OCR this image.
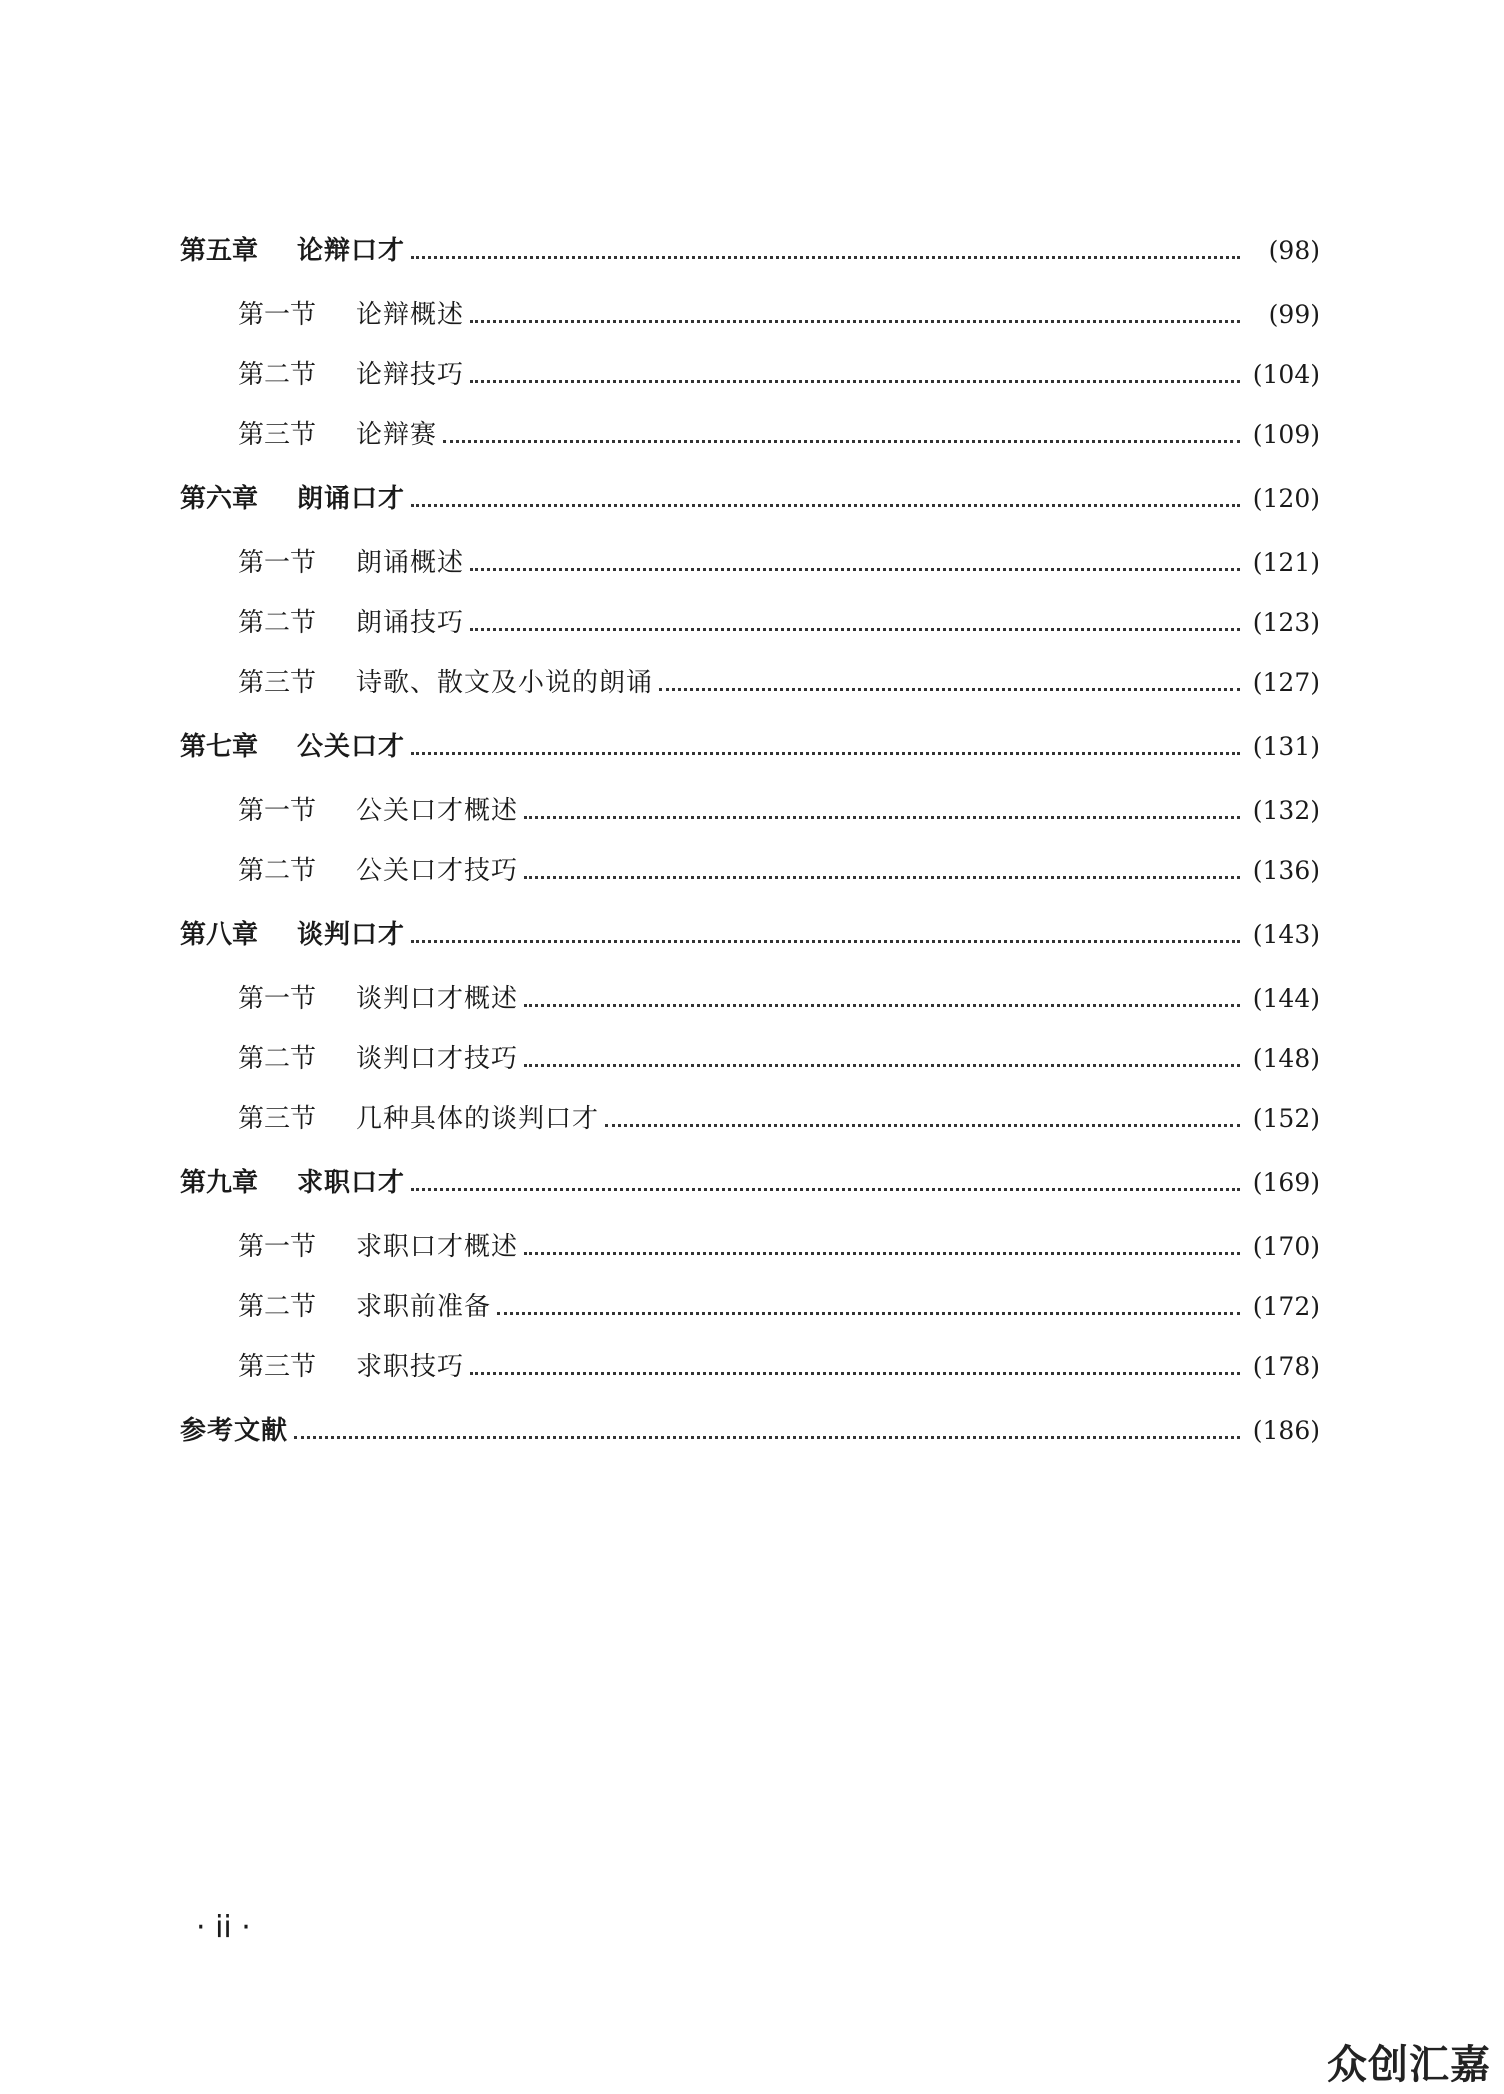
第五章	论辩口才	(98)
第一节	论辩概述	(99)
第二节	论辩技巧	(104)
第三节	论辩赛	(109)
第六章	朗诵口才	(120)
第一节	朗诵概述	(121)
第二节	朗诵技巧	(123)
第三节	诗歌、散文及小说的朗诵	(127)
第七章	公关口才	(131)
第一节	公关口才概述	(132)
第二节	公关口才技巧	(136)
第八章	谈判口才	(143)
第一节	谈判口才概述	(144)
第二节	谈判口才技巧	(148)
第三节	几种具体的谈判口才	(152)
第九章	求职口才	(169)
第一节	求职口才概述	(170)
第二节	求职前准备	(172)
第三节	求职技巧	(178)
参考文献	(186)
· ii ·
众创汇嘉
